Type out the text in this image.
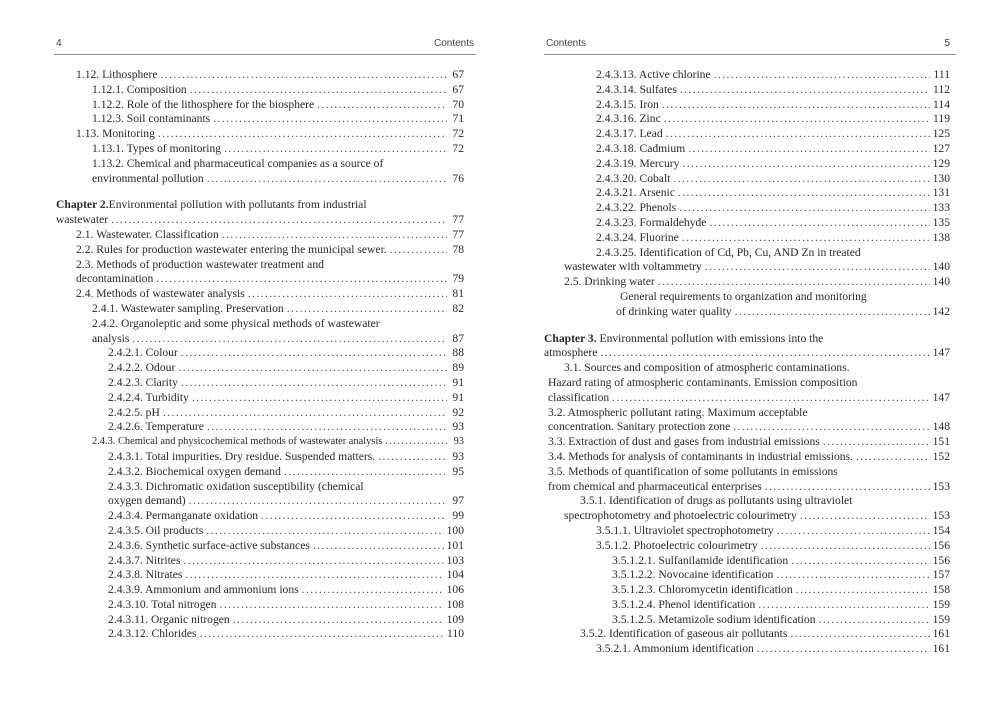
4	Contents
1.12. Lithosphere .....	67
1.12.1. Composition .....	67
1.12.2. Role of the lithosphere for the biosphere .....	70
1.12.3. Soil contaminants .....	71
1.13. Monitoring .....	72
1.13.1. Types of monitoring .....	72
1.13.2. Chemical and pharmaceutical companies as a source of
environmental pollution .....	76
Chapter 2.Environmental pollution with pollutants from industrial
wastewater .....	77
2.1. Wastewater. Classification .....	77
2.2. Rules for production wastewater entering the municipal sewer. .....	78
2.3. Methods of production wastewater treatment and
decontamination .....	79
2.4. Methods of wastewater analysis .....	81
2.4.1. Wastewater sampling. Preservation .....	82
2.4.2. Organoleptic and some physical methods of wastewater
analysis .....	87
2.4.2.1. Colour .....	88
2.4.2.2. Odour .....	89
2.4.2.3. Clarity .....	91
2.4.2.4. Turbidity .....	91
2.4.2.5. pH .....	92
2.4.2.6. Temperature .....	93
2.4.3. Chemical and physicochemical methods of wastewater analysis .....	93
2.4.3.1. Total impurities. Dry residue. Suspended matters. .....	93
2.4.3.2. Biochemical oxygen demand .....	95
2.4.3.3. Dichromatic oxidation susceptibility (chemical
oxygen demand) .....	97
2.4.3.4. Permanganate oxidation .....	99
2.4.3.5. Oil products .....	100
2.4.3.6. Synthetic surface-active substances .....	101
2.4.3.7. Nitrites .....	103
2.4.3.8. Nitrates .....	104
2.4.3.9. Ammonium and ammonium ions .....	106
2.4.3.10. Total nitrogen .....	108
2.4.3.11. Organic nitrogen .....	109
2.4.3.12. Chlorides .....	110
Contents	5
2.4.3.13. Active chlorine .....	111
2.4.3.14. Sulfates .....	112
2.4.3.15. Iron .....	114
2.4.3.16. Zinc .....	119
2.4.3.17. Lead .....	125
2.4.3.18. Cadmium .....	127
2.4.3.19. Mercury .....	129
2.4.3.20. Cobalt .....	130
2.4.3.21. Arsenic .....	131
2.4.3.22. Phenols .....	133
2.4.3.23. Formaldehyde .....	135
2.4.3.24. Fluorine .....	138
2.4.3.25. Identification of Cd, Pb, Cu, AND Zn in treated
wastewater with voltammetry .....	140
2.5. Drinking water .....	140
General requirements to organization and monitoring
of drinking water quality .....	142
Chapter 3. Environmental pollution with emissions into the
atmosphere .....	147
3.1. Sources and composition of atmospheric contaminations.
Hazard rating of atmospheric contaminants. Emission composition
classification .....	147
3.2. Atmospheric pollutant rating. Maximum acceptable
concentration. Sanitary protection zone .....	148
3.3. Extraction of dust and gases from industrial emissions .....	151
3.4. Methods for analysis of contaminants in industrial emissions. .....	152
3.5. Methods of quantification of some pollutants in emissions
from chemical and pharmaceutical enterprises .....	153
3.5.1. Identification of drugs as pollutants using ultraviolet
spectrophotometry and photoelectric colourimetry .....	153
3.5.1.1. Ultraviolet spectrophotometry .....	154
3.5.1.2. Photoelectric colourimetry .....	156
3.5.1.2.1. Sulfanilamide identification .....	156
3.5.1.2.2. Novocaine identification .....	157
3.5.1.2.3. Chloromycetin identification .....	158
3.5.1.2.4. Phenol identification .....	159
3.5.1.2.5. Metamizole sodium identification .....	159
3.5.2. Identification of gaseous air pollutants .....	161
3.5.2.1. Ammonium identification .....	161
